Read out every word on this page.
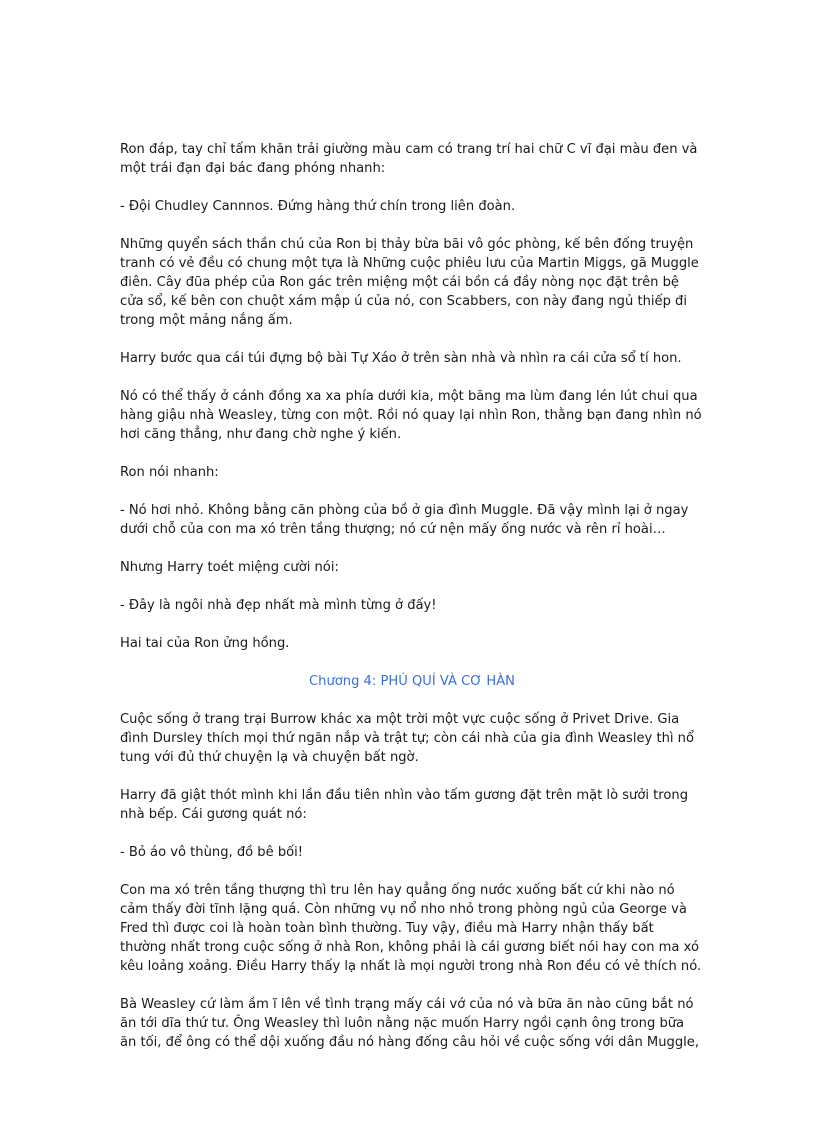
Ron đáp, tay chỉ tấm khăn trải giường màu cam có trang trí hai chữ C vĩ đại màu đen và một trái đạn đại bác đang phóng nhanh:

- Đội Chudley Cannnos. Đứng hàng thứ chín trong liên đoàn.

Những quyển sách thần chú của Ron bị thảy bừa bãi vô góc phòng, kế bên đống truyện tranh có vẻ đều có chung một tựa là Những cuộc phiêu lưu của Martin Miggs, gã Muggle điên. Cây đũa phép của Ron gác trên miệng một cái bồn cá đầy nòng nọc đặt trên bệ cửa sổ, kế bên con chuột xám mập ú của nó, con Scabbers, con này đang ngủ thiếp đi trong một mảng nắng ấm.

Harry bước qua cái túi đựng bộ bài Tự Xáo ở trên sàn nhà và nhìn ra cái cửa sổ tí hon.

Nó có thể thấy ở cánh đồng xa xa phía dưới kia, một băng ma lùm đang lén lút chui qua hàng giậu nhà Weasley, từng con một. Rồi nó quay lại nhìn Ron, thằng bạn đang nhìn nó hơi căng thẳng, như đang chờ nghe ý kiến.

Ron nói nhanh:

- Nó hơi nhỏ. Không bằng căn phòng của bồ ở gia đình Muggle. Đã vậy mình lại ở ngay dưới chỗ của con ma xó trên tầng thượng; nó cứ nện mấy ống nước và rên rỉ hoài…

Nhưng Harry toét miệng cười nói:

- Đây là ngôi nhà đẹp nhất mà mình từng ở đấy!

Hai tai của Ron ửng hồng.

Chương 4: PHÚ QUÍ VÀ CƠ HÀN

Cuộc sống ở trang trại Burrow khác xa một trời một vực cuộc sống ở Privet Drive. Gia đình Dursley thích mọi thứ ngăn nắp và trật tự; còn cái nhà của gia đình Weasley thì nổ tung với đủ thứ chuyện lạ và chuyện bất ngờ.

Harry đã giật thót mình khi lần đầu tiên nhìn vào tấm gương đặt trên mặt lò sưởi trong nhà bếp. Cái gương quát nó:

- Bỏ áo vô thùng, đồ bê bối!

Con ma xó trên tầng thượng thì tru lên hay quẳng ống nước xuống bất cứ khi nào nó cảm thấy đời tĩnh lặng quá. Còn những vụ nổ nho nhỏ trong phòng ngủ của George và Fred thì được coi là hoàn toàn bình thường. Tuy vậy, điều mà Harry nhận thấy bất thường nhất trong cuộc sống ở nhà Ron, không phải là cái gương biết nói hay con ma xó kêu loảng xoảng. Điều Harry thấy lạ nhất là mọi người trong nhà Ron đều có vẻ thích nó.

Bà Weasley cứ làm ầm ĩ lên về tình trạng mấy cái vớ của nó và bữa ăn nào cũng bắt nó ăn tới dĩa thứ tư. Ông Weasley thì luôn nằng nặc muốn Harry ngồi cạnh ông trong bữa ăn tối, để ông có thể dội xuống đầu nó hàng đống câu hỏi về cuộc sống với dân Muggle,
